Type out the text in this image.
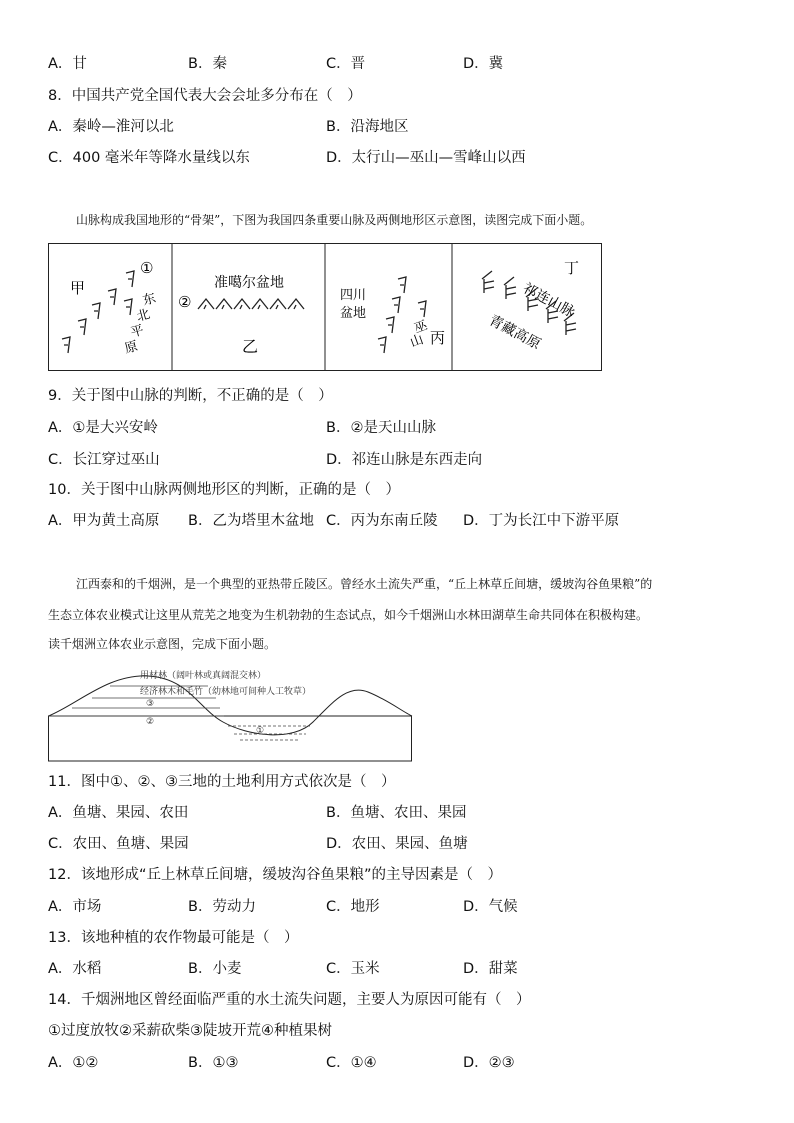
A．甘	B．秦	C．晋	D．冀
8．中国共产党全国代表大会会址多分布在（　）
A．秦岭—淮河以北	B．沿海地区
C．400 毫米年等降水量线以东	D．太行山—巫山—雪峰山以西
山脉构成我国地形的“骨架”，下图为我国四条重要山脉及两侧地形区示意图，读图完成下面小题。
甲
①
东
北
平
原
准噶尔盆地
②
乙
四川
盆地
巫
山 丙
丁
祁连山脉
青藏高原
9．关于图中山脉的判断，不正确的是（　）
A．①是大兴安岭	B．②是天山山脉
C．长江穿过巫山	D．祁连山脉是东西走向
10．关于图中山脉两侧地形区的判断，正确的是（　）
A．甲为黄土高原 B．乙为塔里木盆地 C．丙为东南丘陵 D．丁为长江中下游平原
江西泰和的千烟洲，是一个典型的亚热带丘陵区。曾经水土流失严重，“丘上林草丘间塘，缓坡沟谷鱼果粮”的
生态立体农业模式让这里从荒芜之地变为生机勃勃的生态试点，如今千烟洲山水林田湖草生命共同体在积极构建。
读千烟洲立体农业示意图，完成下面小题。
用材林（阔叶林或真阔混交林）
经济林木和毛竹（幼林地可间种人工牧草）
③
②
①
11．图中①、②、③三地的土地利用方式依次是（　）
A．鱼塘、果园、农田	B．鱼塘、农田、果园
C．农田、鱼塘、果园	D．农田、果园、鱼塘
12．该地形成“丘上林草丘间塘，缓坡沟谷鱼果粮”的主导因素是（　）
A．市场	B．劳动力	C．地形	D．气候
13．该地种植的农作物最可能是（　）
A．水稻	B．小麦	C．玉米	D．甜菜
14．千烟洲地区曾经面临严重的水土流失问题，主要人为原因可能有（　）
①过度放牧②采薪砍柴③陡坡开荒④种植果树
A．①②	B．①③	C．①④	D．②③
